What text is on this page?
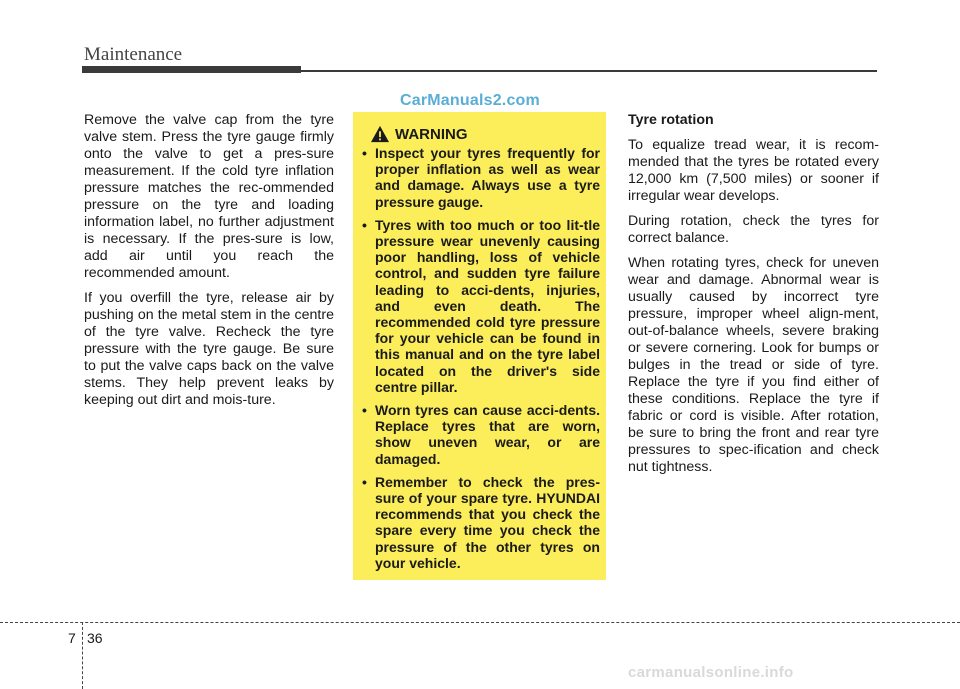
Maintenance
CarManuals2.com

Remove the valve cap from the tyre valve stem. Press the tyre gauge firmly onto the valve to get a pres-sure measurement. If the cold tyre inflation pressure matches the rec-ommended pressure on the tyre and loading information label, no further adjustment is necessary. If the pres-sure is low, add air until you reach the recommended amount.

If you overfill the tyre, release air by pushing on the metal stem in the centre of the tyre valve. Recheck the tyre pressure with the tyre gauge. Be sure to put the valve caps back on the valve stems. They help prevent leaks by keeping out dirt and mois-ture.

WARNING
• Inspect your tyres frequently for proper inflation as well as wear and damage. Always use a tyre pressure gauge.
• Tyres with too much or too lit-tle pressure wear unevenly causing poor handling, loss of vehicle control, and sudden tyre failure leading to acci-dents, injuries, and even death. The recommended cold tyre pressure for your vehicle can be found in this manual and on the tyre label located on the driver's side centre pillar.
• Worn tyres can cause acci-dents. Replace tyres that are worn, show uneven wear, or are damaged.
• Remember to check the pres-sure of your spare tyre. HYUNDAI recommends that you check the spare every time you check the pressure of the other tyres on your vehicle.

Tyre rotation

To equalize tread wear, it is recom-mended that the tyres be rotated every 12,000 km (7,500 miles) or sooner if irregular wear develops.

During rotation, check the tyres for correct balance.

When rotating tyres, check for uneven wear and damage. Abnormal wear is usually caused by incorrect tyre pressure, improper wheel align-ment, out-of-balance wheels, severe braking or severe cornering. Look for bumps or bulges in the tread or side of tyre. Replace the tyre if you find either of these conditions. Replace the tyre if fabric or cord is visible. After rotation, be sure to bring the front and rear tyre pressures to spec-ification and check nut tightness.

7 36
carmanualsonline.info
